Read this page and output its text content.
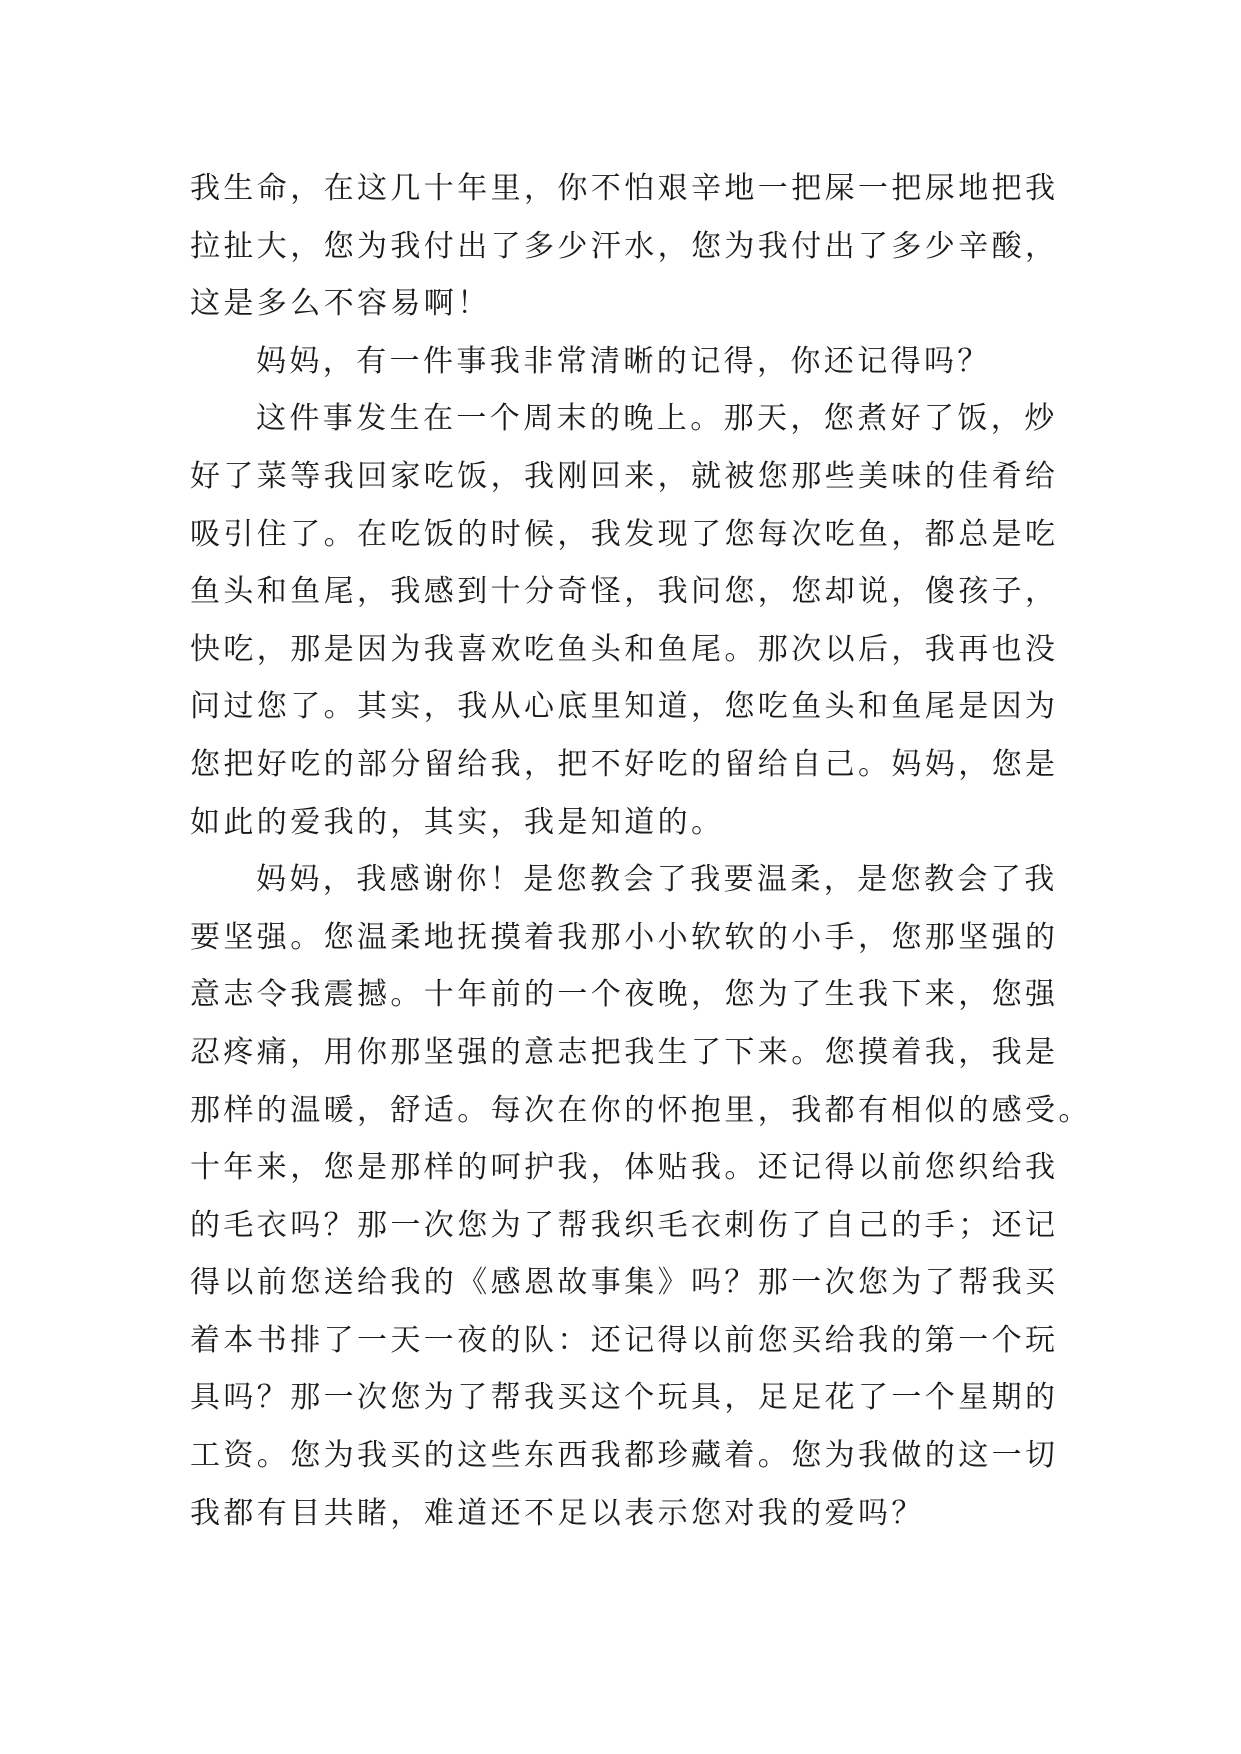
我生命，在这几十年里，你不怕艰辛地一把屎一把尿地把我
拉扯大，您为我付出了多少汗水，您为我付出了多少辛酸，
这是多么不容易啊！
妈妈，有一件事我非常清晰的记得，你还记得吗？
这件事发生在一个周末的晚上。那天，您煮好了饭，炒
好了菜等我回家吃饭，我刚回来，就被您那些美味的佳肴给
吸引住了。在吃饭的时候，我发现了您每次吃鱼，都总是吃
鱼头和鱼尾，我感到十分奇怪，我问您，您却说，傻孩子，
快吃，那是因为我喜欢吃鱼头和鱼尾。那次以后，我再也没
问过您了。其实，我从心底里知道，您吃鱼头和鱼尾是因为
您把好吃的部分留给我，把不好吃的留给自己。妈妈，您是
如此的爱我的，其实，我是知道的。
妈妈，我感谢你！是您教会了我要温柔，是您教会了我
要坚强。您温柔地抚摸着我那小小软软的小手，您那坚强的
意志令我震撼。十年前的一个夜晚，您为了生我下来，您强
忍疼痛，用你那坚强的意志把我生了下来。您摸着我，我是
那样的温暖，舒适。每次在你的怀抱里，我都有相似的感受。
十年来，您是那样的呵护我，体贴我。还记得以前您织给我
的毛衣吗？那一次您为了帮我织毛衣刺伤了自己的手；还记
得以前您送给我的《感恩故事集》吗？那一次您为了帮我买
着本书排了一天一夜的队：还记得以前您买给我的第一个玩
具吗？那一次您为了帮我买这个玩具，足足花了一个星期的
工资。您为我买的这些东西我都珍藏着。您为我做的这一切
我都有目共睹，难道还不足以表示您对我的爱吗？
